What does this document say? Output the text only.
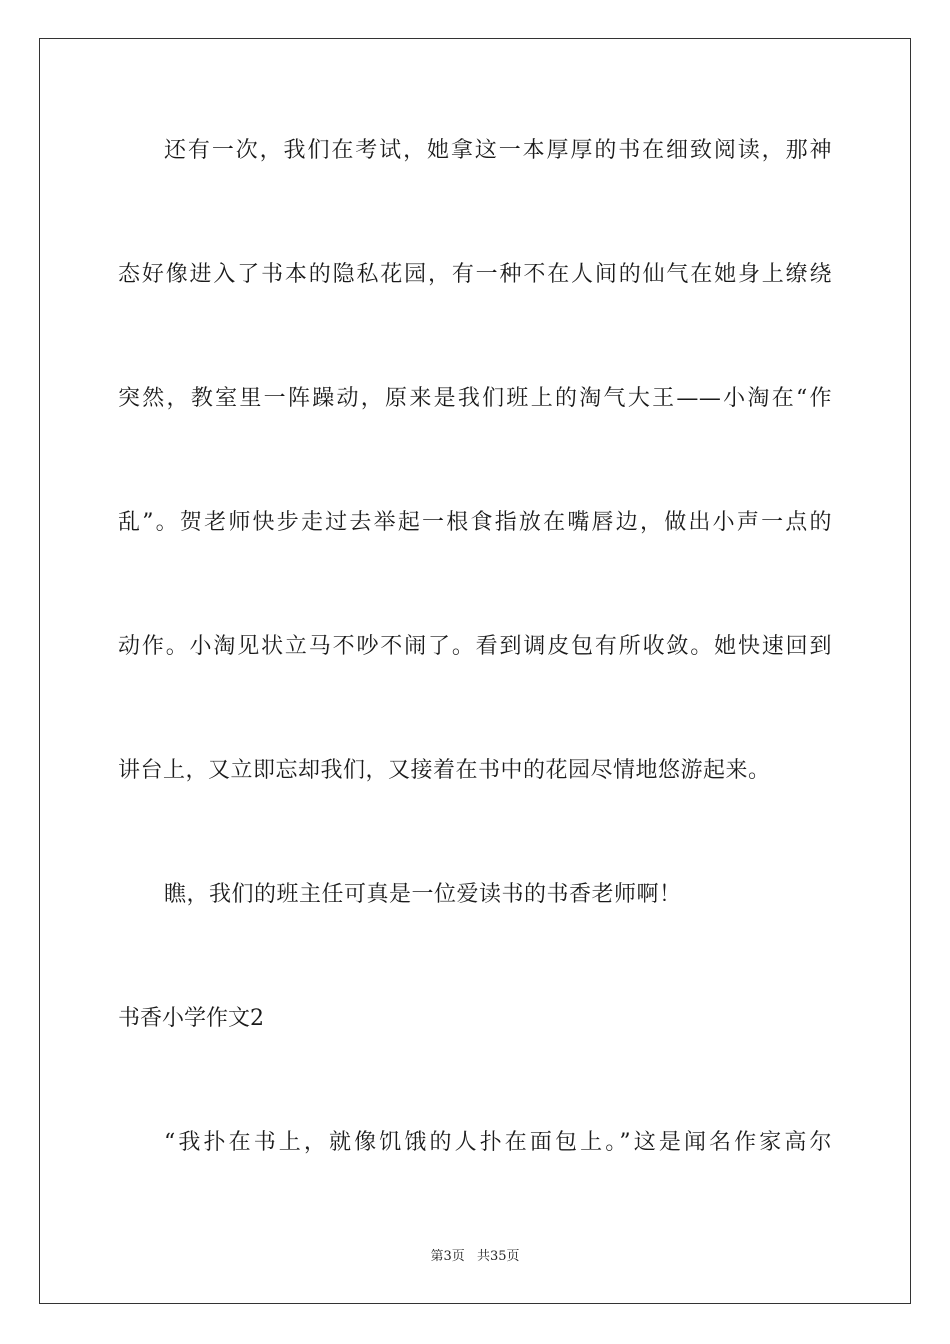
还有一次，我们在考试，她拿这一本厚厚的书在细致阅读，那神
态好像进入了书本的隐私花园，有一种不在人间的仙气在她身上缭绕
突然，教室里一阵躁动，原来是我们班上的淘气大王——小淘在“作
乱”。贺老师快步走过去举起一根食指放在嘴唇边，做出小声一点的
动作。小淘见状立马不吵不闹了。看到调皮包有所收敛。她快速回到
讲台上，又立即忘却我们，又接着在书中的花园尽情地悠游起来。
瞧，我们的班主任可真是一位爱读书的书香老师啊！
书香小学作文2
“我扑在书上，就像饥饿的人扑在面包上。”这是闻名作家高尔
第3页 共35页
